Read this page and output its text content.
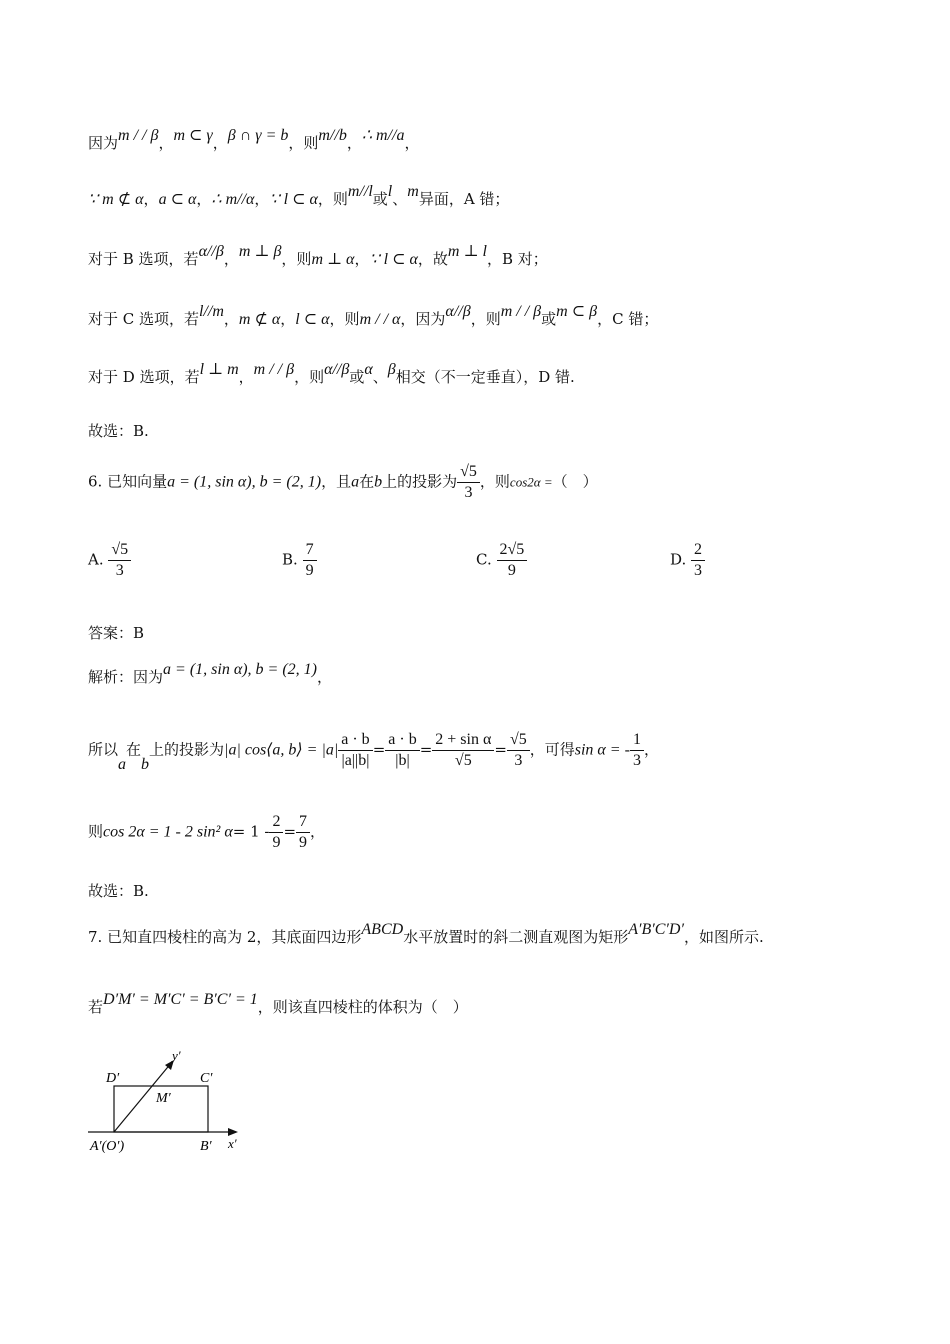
因为m / / β，m ⊂ γ，β ∩ γ = b，则m//b，∴ m//a，
∵ m ⊄ α，a ⊂ α，∴ m//α，∵ l ⊂ α，则m//l或l、m异面，A 错；
对于 B 选项，若α//β，m ⊥ β，则m ⊥ α，∵ l ⊂ α，故m ⊥ l，B 对；
对于 C 选项，若l//m，m ⊄ α，l ⊂ α，则m / / α，因为α//β，则m / / β或m ⊂ β，C 错；
对于 D 选项，若l ⊥ m，m / / β，则α//β或α、β相交（不一定垂直），D 错.
故选：B.
6. 已知向量a = (1, sin α), b = (2, 1)，且a在b上的投影为 $\frac{√5}{3}$ ，则cos2α =（　）
A. $\frac{√5}{3}$	B. $\frac{7}{9}$	C. $\frac{2√5}{9}$	D. $\frac{2}{3}$
答案：B
解析：因为a = (1, sin α), b = (2, 1)，
所以a在b上的投影为|a| cos⟨a, b⟩ = $|a| \frac{a \cdot b}{|a||b|} = \frac{a \cdot b}{|b|} = \frac{\text{2 + sin α}}{√5} = \frac{√5}{3}$ ，可得sin α = - $\frac{1}{3}$ ，
则cos 2α = 1 - 2 sin² $\alpha= 1 - \frac{2}{9} = \frac{7}{9}$ ，
故选：B.
7. 已知直四棱柱的高为 2，其底面四边形ABCD水平放置时的斜二测直观图为矩形A′B′C′D′，如图所示.
若D′M′ = M′C′ = B′C′ = 1，则该直四棱柱的体积为（　）
D′	C′
M′
A′(O′)	B′ x′
y′
